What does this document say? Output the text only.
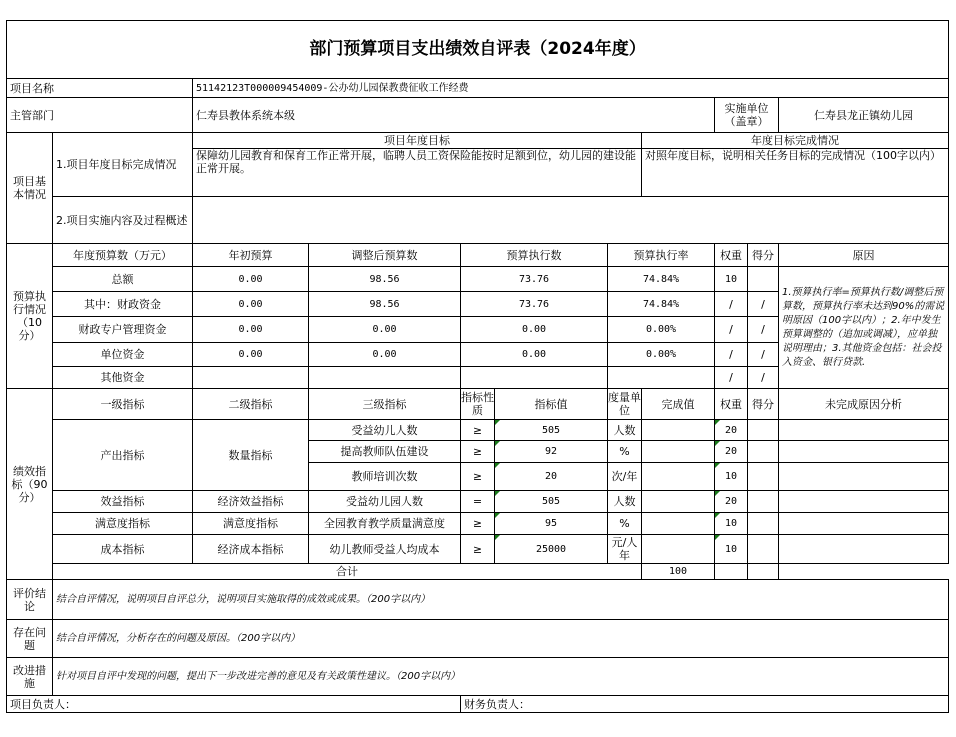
部门预算项目支出绩效自评表（2024年度）										
项目名称		51142123T000009454009-公办幼儿园保教费征收工作经费								
主管部门		仁寿县教体系统本级						实施单位（盖章）		仁寿县龙正镇幼儿园
项目基本情况	1.项目年度目标完成情况	项目年度目标					年度目标完成情况			
		保障幼儿园教育和保育工作正常开展，临聘人员工资保险能按时足额到位，幼儿园的建设能正常开展。					对照年度目标，说明相关任务目标的完成情况（100字以内）			
	2.项目实施内容及过程概述									
预算执行情况（10分）	年度预算数（万元）	年初预算	调整后预算数	预算执行数		预算执行率		权重	得分	原因
	总额	0.00	98.56	73.76		74.84%		10		1.预算执行率=预算执行数/调整后预算数，预算执行率未达到90%的需说明原因（100字以内）；2.年中发生预算调整的（追加或调减），应单独说明理由；3.其他资金包括：社会投入资金、银行贷款.
	其中：财政资金	0.00	98.56	73.76		74.84%		/	/	
	财政专户管理资金	0.00	0.00	0.00		0.00%		/	/	
	单位资金	0.00	0.00	0.00		0.00%		/	/	
	其他资金							/	/	
绩效指标（90分）	一级指标	二级指标	三级指标	指标性质	指标值	度量单位	完成值	权重	得分	未完成原因分析
	产出指标	数量指标	受益幼儿人数	≥	505	人数		20		
			提高教师队伍建设	≥	92	%		20		
			教师培训次数	≥	20	次/年		10		
	效益指标	经济效益指标	受益幼儿园人数	=	505	人数		20		
	满意度指标	满意度指标	全园教育教学质量满意度	≥	95	%		10		
	成本指标	经济成本指标	幼儿教师受益人均成本	≥	25000	元/人年		10		
	合计						100			
评价结论	结合自评情况，说明项目自评总分，说明项目实施取得的成效或成果。（200字以内）									
存在问题	结合自评情况，分析存在的问题及原因。（200字以内）									
改进措施	针对项目自评中发现的问题，提出下一步改进完善的意见及有关政策性建议。（200字以内）									
项目负责人：				财务负责人：						
